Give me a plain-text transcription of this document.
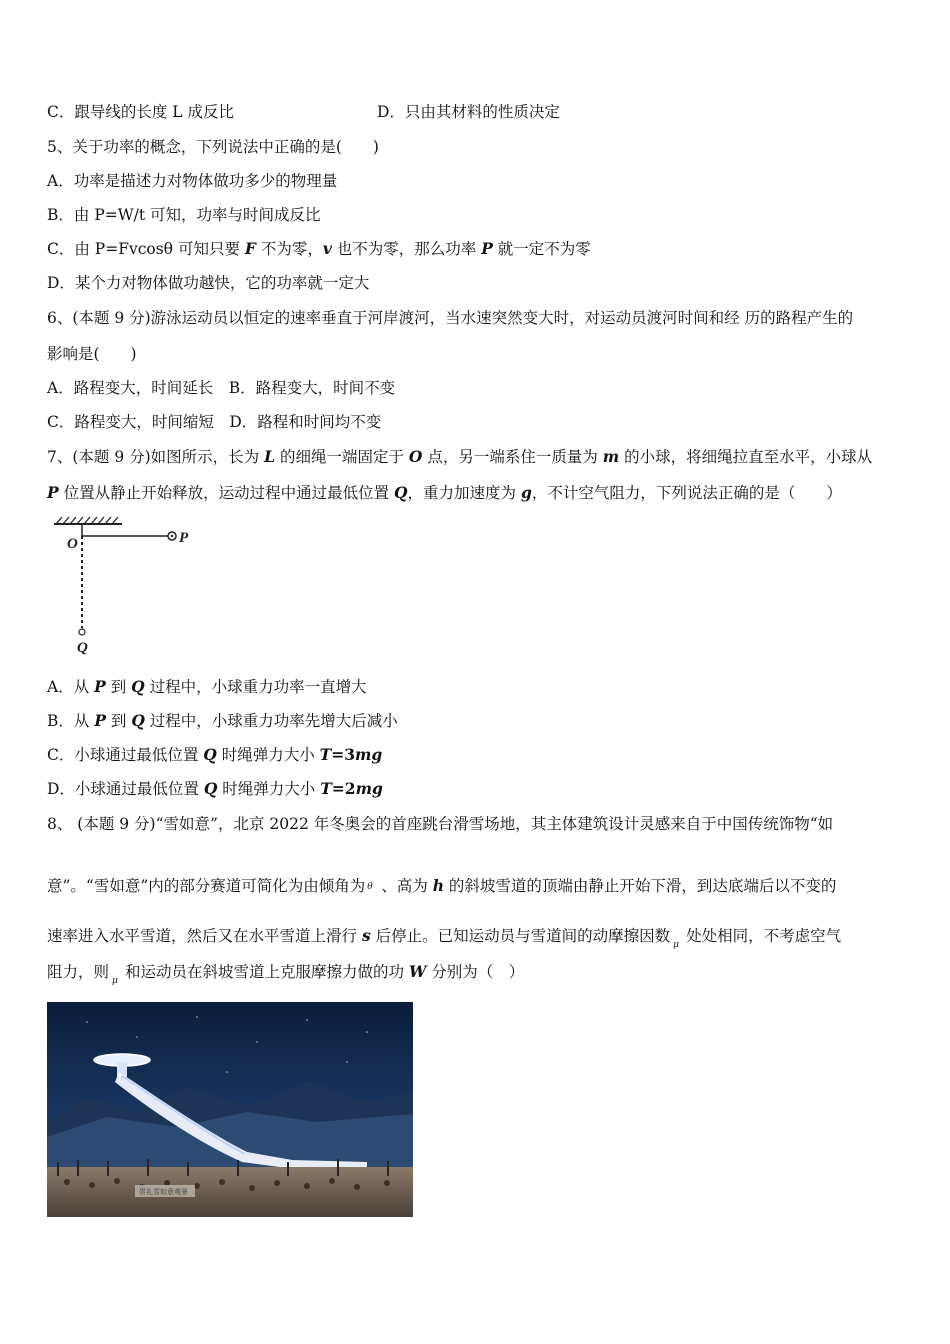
C．跟导线的长度 L 成反比	D．只由其材料的性质决定
5、关于功率的概念，下列说法中正确的是(　　)
A．功率是描述力对物体做功多少的物理量
B．由 P=W/t 可知，功率与时间成反比
C．由 P=Fvcosθ 可知只要 F 不为零，v 也不为零，那么功率 P 就一定不为零
D．某个力对物体做功越快，它的功率就一定大
6、(本题 9 分)游泳运动员以恒定的速率垂直于河岸渡河，当水速突然变大时，对运动员渡河时间和经 历的路程产生的
影响是(　　)
A．路程变大，时间延长　B．路程变大，时间不变
C．路程变大，时间缩短　D．路程和时间均不变
7、(本题 9 分)如图所示，长为 L 的细绳一端固定于 O 点，另一端系住一质量为 m 的小球，将细绳拉直至水平，小球从
P 位置从静止开始释放，运动过程中通过最低位置 Q，重力加速度为 g，不计空气阻力，下列说法正确的是（　　）
O	P
Q
A．从 P 到 Q 过程中，小球重力功率一直增大
B．从 P 到 Q 过程中，小球重力功率先增大后减小
C．小球通过最低位置 Q 时绳弹力大小 T=3mg
D．小球通过最低位置 Q 时绳弹力大小 T=2mg
8、 (本题 9 分)“雪如意”，北京 2022 年冬奥会的首座跳台滑雪场地，其主体建筑设计灵感来自于中国传统饰物“如
意”。“雪如意”内的部分赛道可简化为由倾角为 θ 、高为 h 的斜坡雪道的顶端由静止开始下滑，到达底端后以不变的
速率进入水平雪道，然后又在水平雪道上滑行 s 后停止。已知运动员与雪道间的动摩擦因数 μ 处处相同，不考虑空气
阻力，则 μ 和运动员在斜坡雪道上克服摩擦力做的功 W 分别为（　）
崇礼雪如意观景
